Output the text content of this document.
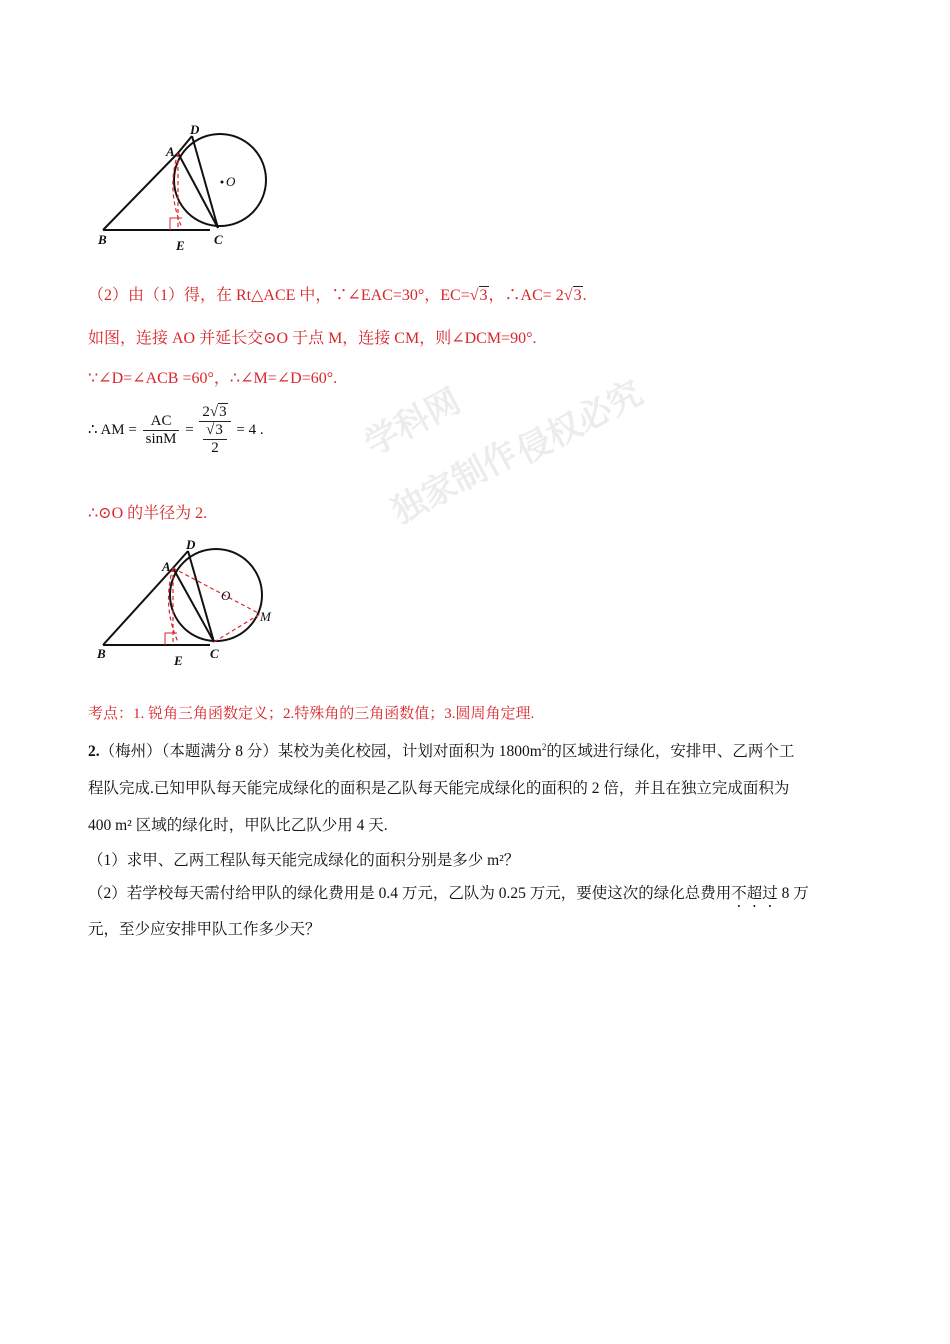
学科网
独家制作
侵权必究
D
A
O
B	E C
（2）由（1）得，在 Rt△ACE 中，∵∠EAC=30°，EC=√3，∴AC= 2√3.
如图，连接 AO 并延长交⊙O 于点 M，连接 CM，则∠DCM=90°.
∵∠D=∠ACB =60°，∴∠M=∠D=60°.
∴ AM = $\frac{AC}{\sin M} = \frac{2√3}{\frac{√3}{2}} = 4$ .
∴⊙O 的半径为 2.
D
A
O
M
B	E C
考点：1. 锐角三角函数定义；2.特殊角的三角函数值；3.圆周角定理.

2.（梅州）（本题满分 8 分）某校为美化校园，计划对面积为 $1800m^2$的区域进行绿化，安排甲、乙两个工

程队完成.已知甲队每天能完成绿化的面积是乙队每天能完成绿化的面积的 2 倍，并且在独立完成面积为

400 m² 区域的绿化时，甲队比乙队少用 4 天.

（1）求甲、乙两工程队每天能完成绿化的面积分别是多少 m²？

（2）若学校每天需付给甲队的绿化费用是 0.4 万元，乙队为 0.25 万元，要使这次的绿化总费用不超过 8 万

元，至少应安排甲队工作多少天？
